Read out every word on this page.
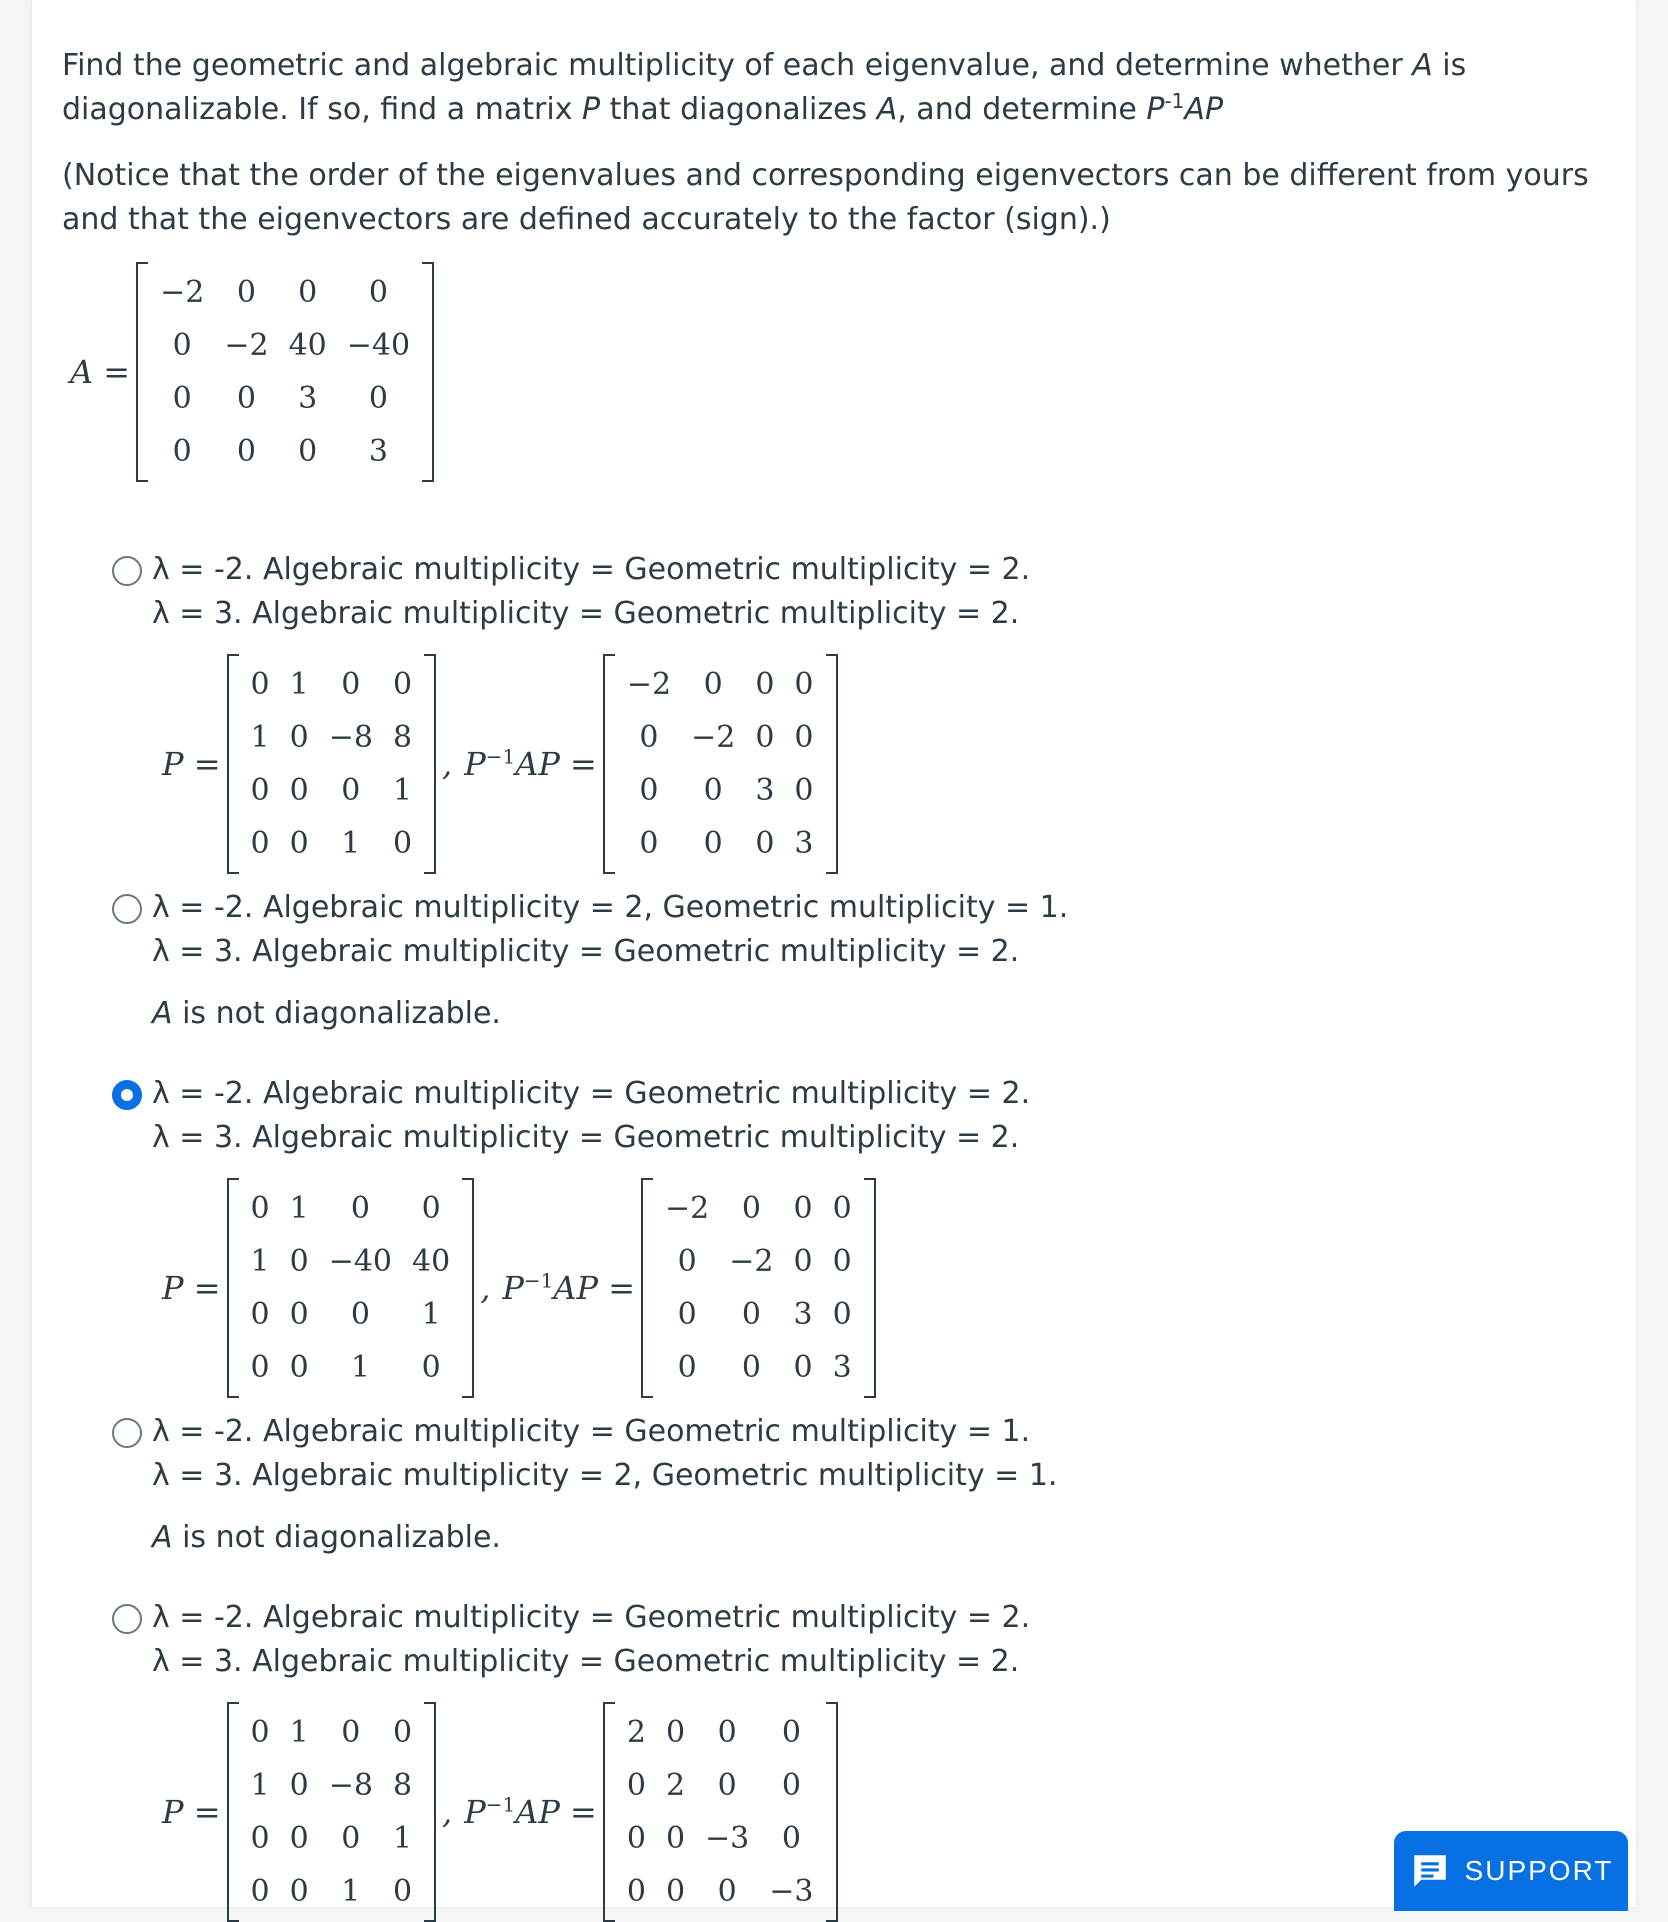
Find the geometric and algebraic multiplicity of each eigenvalue, and determine whether A is diagonalizable. If so, find a matrix P that diagonalizes A, and determine $P^{-1}AP$

(Notice that the order of the eigenvalues and corresponding eigenvectors can be different from yours and that the eigenvectors are defined accurately to the factor (sign).)

A =
−2	0	0	0
0	−2	40	−40
0	0	3	0
0	0	0	3
λ = -2. Algebraic multiplicity = Geometric multiplicity = 2.
λ = 3. Algebraic multiplicity = Geometric multiplicity = 2.
P =
0	1	0	0
1	0	−8	8
0	0	0	1
0	0	1	0
, $P^{-1}AP$ =
−2	0	0	0
0	−2	0	0
0	0	3	0
0	0	0	3
λ = -2. Algebraic multiplicity = 2, Geometric multiplicity = 1.
λ = 3. Algebraic multiplicity = Geometric multiplicity = 2.
A is not diagonalizable.
λ = -2. Algebraic multiplicity = Geometric multiplicity = 2.
λ = 3. Algebraic multiplicity = Geometric multiplicity = 2.
P =
0	1	0	0
1	0	−40	40
0	0	0	1
0	0	1	0
, $P^{-1}AP$ =
−2	0	0	0
0	−2	0	0
0	0	3	0
0	0	0	3
λ = -2. Algebraic multiplicity = Geometric multiplicity = 1.
λ = 3. Algebraic multiplicity = 2, Geometric multiplicity = 1.
A is not diagonalizable.
λ = -2. Algebraic multiplicity = Geometric multiplicity = 2.
λ = 3. Algebraic multiplicity = Geometric multiplicity = 2.
P =
0	1	0	0
1	0	−8	8
0	0	0	1
0	0	1	0
, $P^{-1}AP$ =
2	0	0	0
0	2	0	0
0	0	−3	0
0	0	0	−3
SUPPORT
